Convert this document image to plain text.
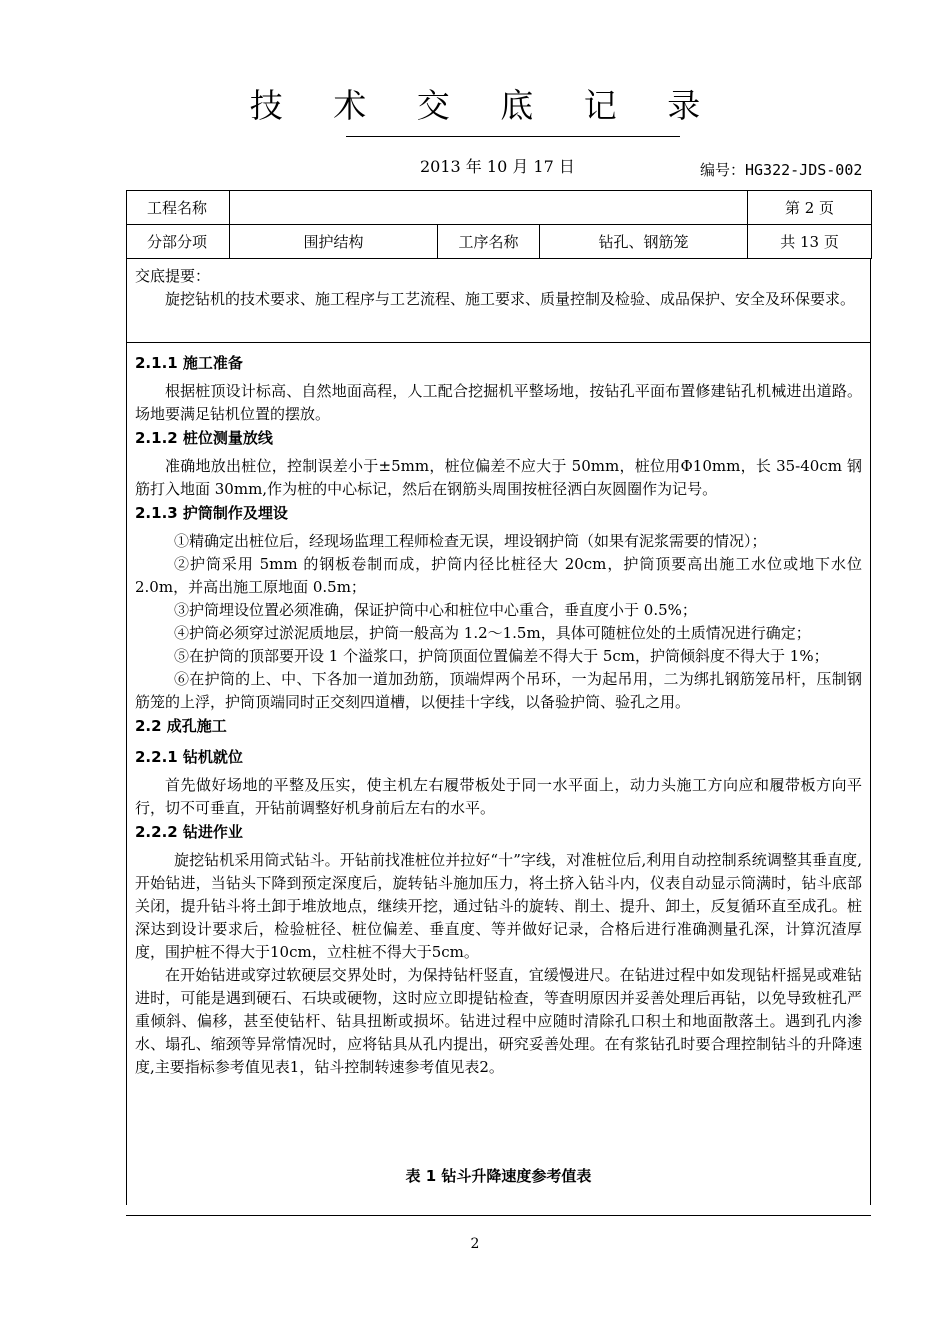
技 术 交 底 记 录
2013 年 10 月 17 日	编号：HG322-JDS-002
工程名称				第 2 页
分部分项	围护结构	工序名称	钻孔、钢筋笼	共 13 页
交底提要：
旋挖钻机的技术要求、施工程序与工艺流程、施工要求、质量控制及检验、成品保护、安全及环保要求。

2.1.1 施工准备

根据桩顶设计标高、自然地面高程，人工配合挖掘机平整场地，按钻孔平面布置修建钻孔机械进出道路。场地要满足钻机位置的摆放。

2.1.2 桩位测量放线

准确地放出桩位，控制误差小于±5mm，桩位偏差不应大于 50mm，桩位用Φ10mm，长 35-40cm 钢筋打入地面 30mm,作为桩的中心标记，然后在钢筋头周围按桩径洒白灰圆圈作为记号。

2.1.3 护筒制作及埋设

①精确定出桩位后，经现场监理工程师检查无误，埋设钢护筒（如果有泥浆需要的情况）；

②护筒采用 5mm 的钢板卷制而成，护筒内径比桩径大 20cm，护筒顶要高出施工水位或地下水位 2.0m，并高出施工原地面 0.5m；

③护筒埋设位置必须准确，保证护筒中心和桩位中心重合，垂直度小于 0.5%；

④护筒必须穿过淤泥质地层，护筒一般高为 1.2～1.5m，具体可随桩位处的土质情况进行确定；

⑤在护筒的顶部要开设 1 个溢浆口，护筒顶面位置偏差不得大于 5cm，护筒倾斜度不得大于 1%；

⑥在护筒的上、中、下各加一道加劲筋，顶端焊两个吊环，一为起吊用，二为绑扎钢筋笼吊杆，压制钢筋笼的上浮，护筒顶端同时正交刻四道槽，以便挂十字线，以备验护筒、验孔之用。

2.2 成孔施工

2.2.1 钻机就位

首先做好场地的平整及压实，使主机左右履带板处于同一水平面上，动力头施工方向应和履带板方向平行，切不可垂直，开钻前调整好机身前后左右的水平。

2.2.2 钻进作业

旋挖钻机采用筒式钻斗。开钻前找准桩位并拉好“十”字线，对准桩位后,利用自动控制系统调整其垂直度,开始钻进，当钻头下降到预定深度后，旋转钻斗施加压力，将土挤入钻斗内，仪表自动显示筒满时，钻斗底部关闭，提升钻斗将土卸于堆放地点，继续开挖，通过钻斗的旋转、削土、提升、卸土，反复循环直至成孔。桩深达到设计要求后，检验桩径、桩位偏差、垂直度、等并做好记录，合格后进行准确测量孔深，计算沉渣厚度，围护桩不得大于10cm，立柱桩不得大于5cm。

在开始钻进或穿过软硬层交界处时，为保持钻杆竖直，宜缓慢进尺。在钻进过程中如发现钻杆摇晃或难钻进时，可能是遇到硬石、石块或硬物，这时应立即提钻检查，等查明原因并妥善处理后再钻，以免导致桩孔严重倾斜、偏移，甚至使钻杆、钻具扭断或损坏。钻进过程中应随时清除孔口积土和地面散落土。遇到孔内渗水、塌孔、缩颈等异常情况时，应将钻具从孔内提出，研究妥善处理。在有浆钻孔时要合理控制钻斗的升降速度,主要指标参考值见表1，钻斗控制转速参考值见表2。

表 1 钻斗升降速度参考值表
2
